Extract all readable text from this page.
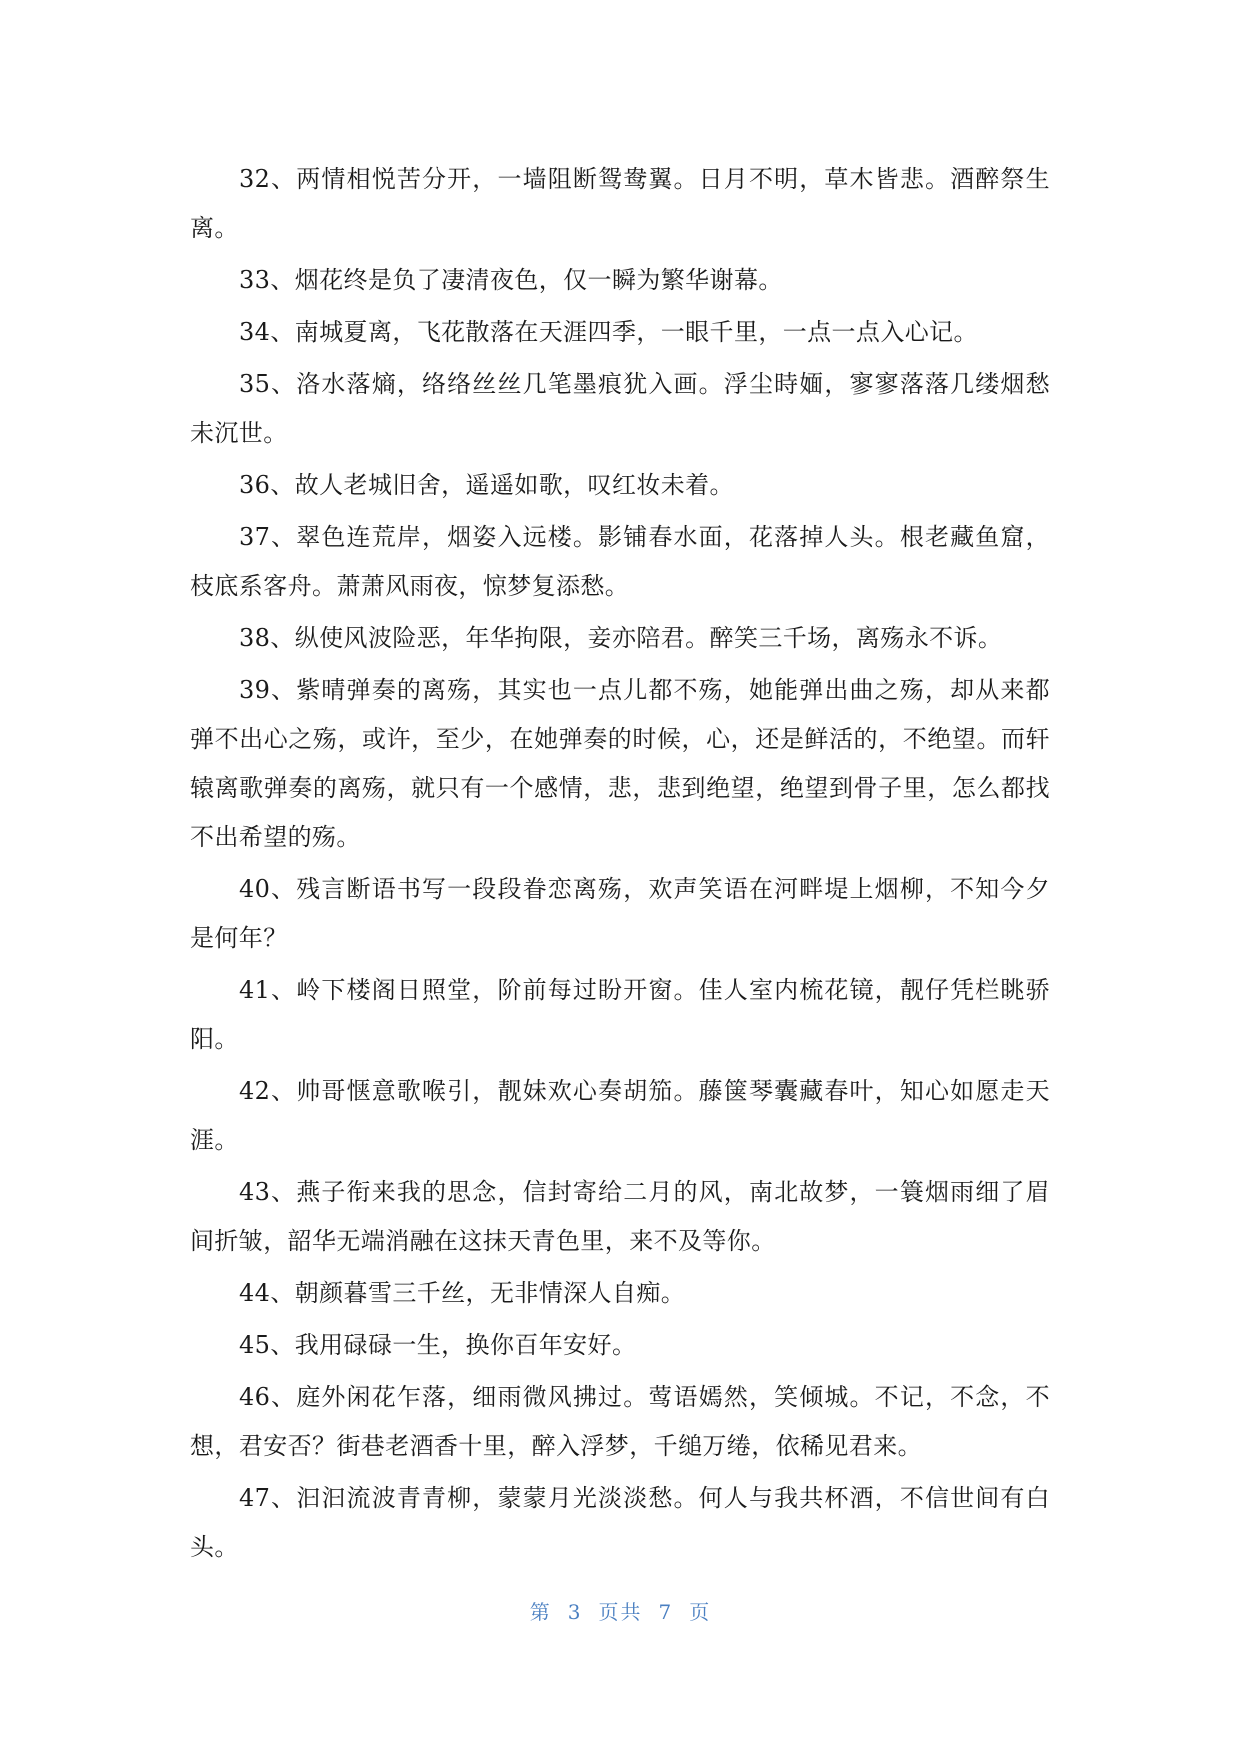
32、两情相悦苦分开，一墙阻断鸳鸯翼。日月不明，草木皆悲。酒醉祭生离。

33、烟花终是负了凄清夜色，仅一瞬为繁华谢幕。

34、南城夏离，飞花散落在天涯四季，一眼千里，一点一点入心记。

35、洛水落熵，络络丝丝几笔墨痕犹入画。浮尘時媔，寥寥落落几缕烟愁未沉世。

36、故人老城旧舍，遥遥如歌，叹红妆未着。

37、翠色连荒岸，烟姿入远楼。影铺春水面，花落掉人头。根老藏鱼窟，枝底系客舟。萧萧风雨夜，惊梦复添愁。

38、纵使风波险恶，年华拘限，妾亦陪君。醉笑三千场，离殇永不诉。

39、紫晴弹奏的离殇，其实也一点儿都不殇，她能弹出曲之殇，却从来都弹不出心之殇，或许，至少，在她弹奏的时候，心，还是鲜活的，不绝望。而轩辕离歌弹奏的离殇，就只有一个感情，悲，悲到绝望，绝望到骨子里，怎么都找不出希望的殇。

40、残言断语书写一段段眷恋离殇，欢声笑语在河畔堤上烟柳，不知今夕是何年？

41、岭下楼阁日照堂，阶前每过盼开窗。佳人室内梳花镜，靓仔凭栏眺骄阳。

42、帅哥惬意歌喉引，靓妹欢心奏胡笳。藤箧琴囊藏春叶，知心如愿走天涯。

43、燕子衔来我的思念，信封寄给二月的风，南北故梦，一簑烟雨细了眉间折皱，韶华无端消融在这抹天青色里，来不及等你。

44、朝颜暮雪三千丝，无非情深人自痴。

45、我用碌碌一生，换你百年安好。

46、庭外闲花乍落，细雨微风拂过。莺语嫣然，笑倾城。不记，不念，不想，君安否？街巷老酒香十里，醉入浮梦，千缒万绻，依稀见君来。

47、汩汩流波青青柳，蒙蒙月光淡淡愁。何人与我共杯酒，不信世间有白头。

第 3 页共 7 页
